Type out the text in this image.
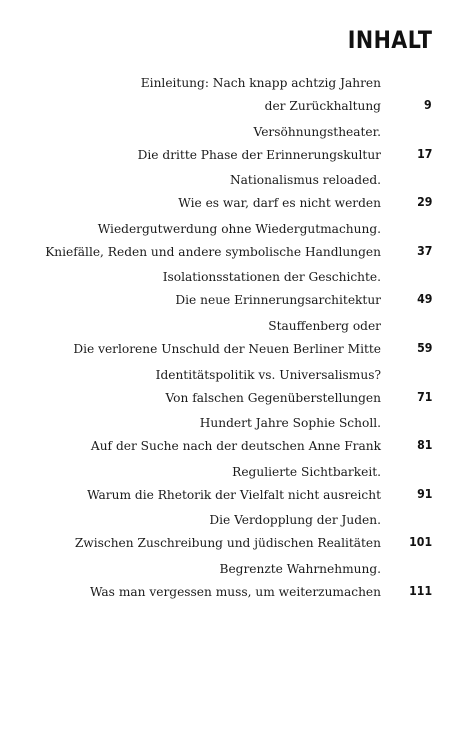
INHALT
Einleitung: Nach knapp achtzig Jahren
der Zurückhaltung	9
Versöhnungstheater.
Die dritte Phase der Erinnerungskultur	17
Nationalismus reloaded.
Wie es war, darf es nicht werden	29
Wiedergutwerdung ohne Wiedergutmachung.
Kniefälle, Reden und andere symbolische Handlungen	37
Isolationsstationen der Geschichte.
Die neue Erinnerungsarchitektur	49
Stauffenberg oder
Die verlorene Unschuld der Neuen Berliner Mitte	59
Identitätspolitik vs. Universalismus?
Von falschen Gegenüberstellungen	71
Hundert Jahre Sophie Scholl.
Auf der Suche nach der deutschen Anne Frank	81
Regulierte Sichtbarkeit.
Warum die Rhetorik der Vielfalt nicht ausreicht	91
Die Verdopplung der Juden.
Zwischen Zuschreibung und jüdischen Realitäten 101
Begrenzte Wahrnehmung.
Was man vergessen muss, um weiterzumachen 111
